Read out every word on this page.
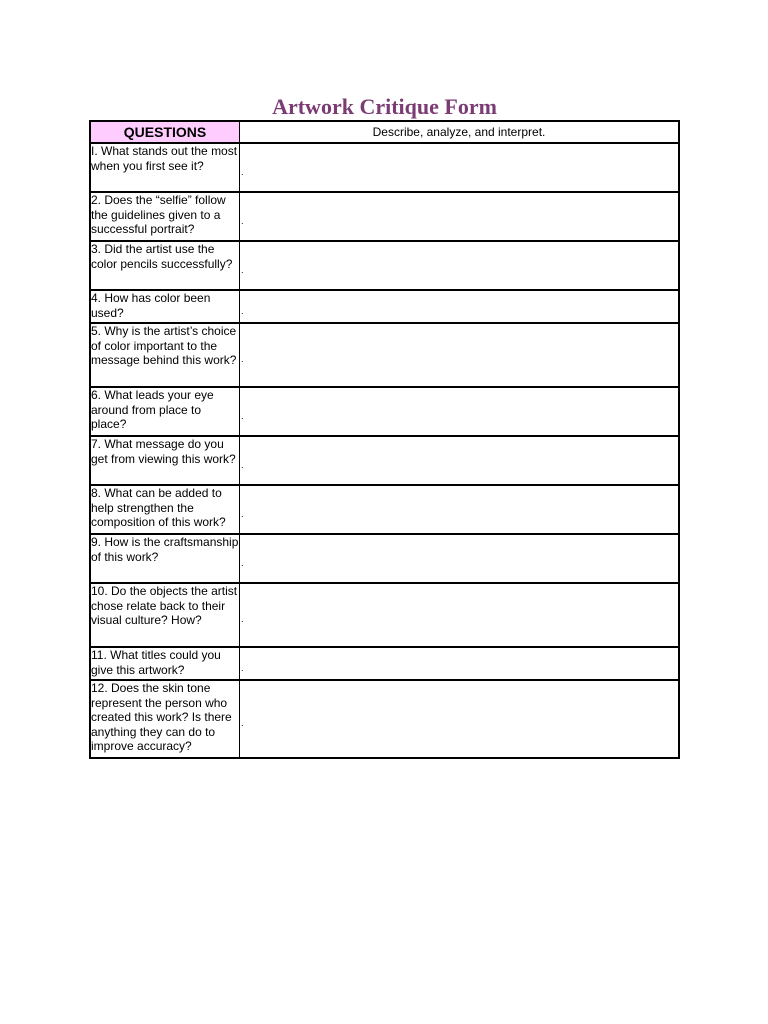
Artwork Critique Form
QUESTIONS	Describe, analyze, and interpret.
I. What stands out the most when you first see it?	.

2. Does the “selfie” follow the guidelines given to a successful portrait?	.

3. Did the artist use the color pencils successfully?	.

4. How has color been used?	.

5. Why is the artist’s choice of color important to the message behind this work?	.

6. What leads your eye around from place to place?	.

7. What message do you get from viewing this work?	.

8. What can be added to help strengthen the composition of this work?	.

9. How is the craftsmanship of this work?	.

10. Do the objects the artist chose relate back to their visual culture? How?	.

11. What titles could you give this artwork?	.

12. Does the skin tone represent the person who created this work? Is there anything they can do to improve accuracy?	.
